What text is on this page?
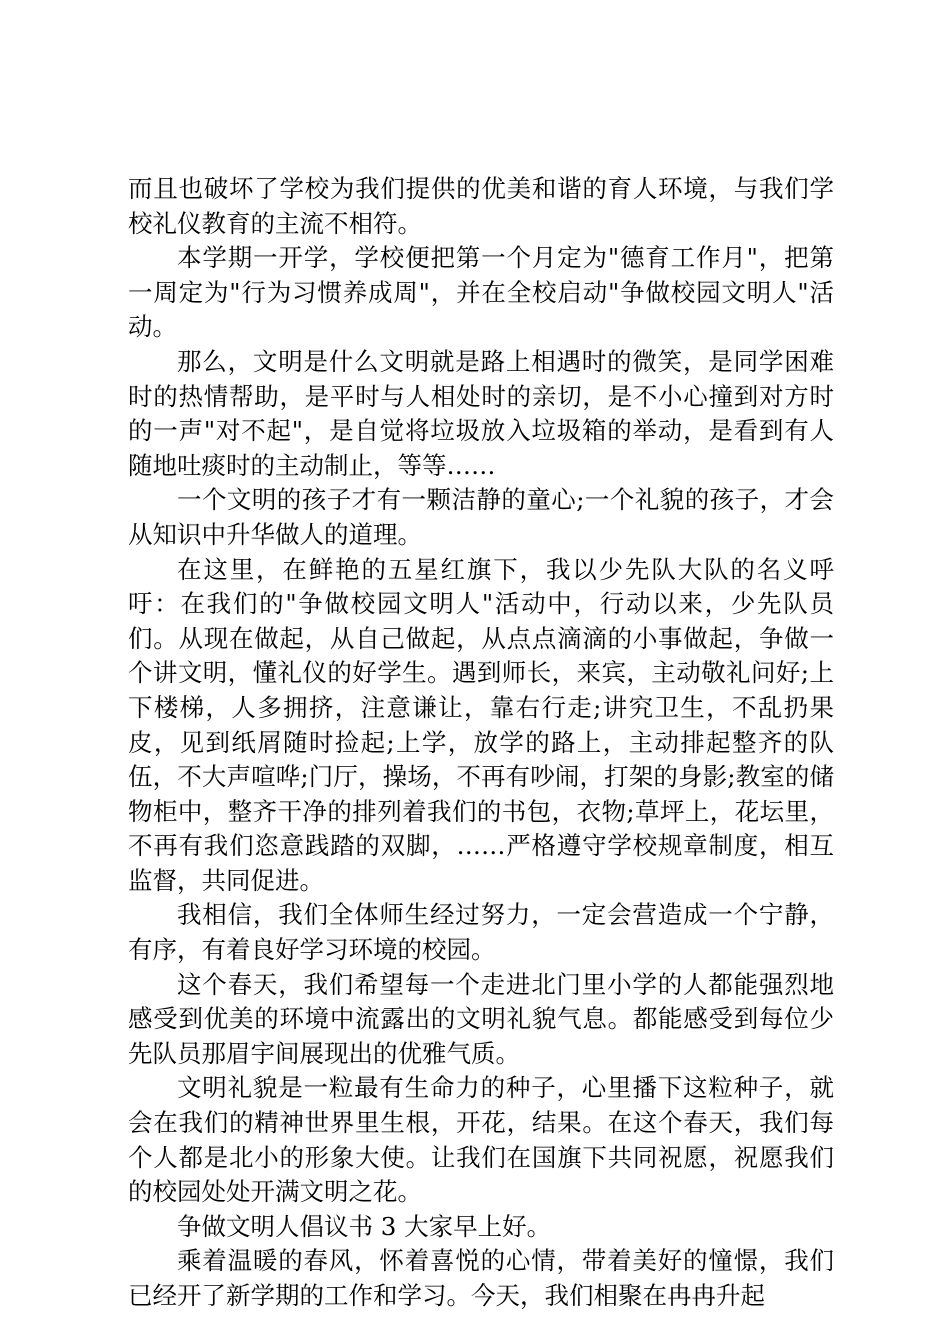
而且也破坏了学校为我们提供的优美和谐的育人环境，与我们学校礼仪教育的主流不相符。

本学期一开学，学校便把第一个月定为"德育工作月"，把第一周定为"行为习惯养成周"，并在全校启动"争做校园文明人"活动。

那么，文明是什么文明就是路上相遇时的微笑，是同学困难时的热情帮助，是平时与人相处时的亲切，是不小心撞到对方时的一声"对不起"，是自觉将垃圾放入垃圾箱的举动，是看到有人随地吐痰时的主动制止，等等……

一个文明的孩子才有一颗洁静的童心;一个礼貌的孩子，才会从知识中升华做人的道理。

在这里，在鲜艳的五星红旗下，我以少先队大队的名义呼吁：在我们的"争做校园文明人"活动中，行动以来，少先队员们。从现在做起，从自己做起，从点点滴滴的小事做起，争做一个讲文明，懂礼仪的好学生。遇到师长，来宾，主动敬礼问好;上下楼梯，人多拥挤，注意谦让，靠右行走;讲究卫生，不乱扔果皮，见到纸屑随时捡起;上学，放学的路上，主动排起整齐的队伍，不大声喧哗;门厅，操场，不再有吵闹，打架的身影;教室的储物柜中，整齐干净的排列着我们的书包，衣物;草坪上，花坛里，不再有我们恣意践踏的双脚，……严格遵守学校规章制度，相互监督，共同促进。

我相信，我们全体师生经过努力，一定会营造成一个宁静，有序，有着良好学习环境的校园。

这个春天，我们希望每一个走进北门里小学的人都能强烈地感受到优美的环境中流露出的文明礼貌气息。都能感受到每位少先队员那眉宇间展现出的优雅气质。

文明礼貌是一粒最有生命力的种子，心里播下这粒种子，就会在我们的精神世界里生根，开花，结果。在这个春天，我们每个人都是北小的形象大使。让我们在国旗下共同祝愿，祝愿我们的校园处处开满文明之花。

争做文明人倡议书 3 大家早上好。

乘着温暖的春风，怀着喜悦的心情，带着美好的憧憬，我们已经开了新学期的工作和学习。今天，我们相聚在冉冉升起
